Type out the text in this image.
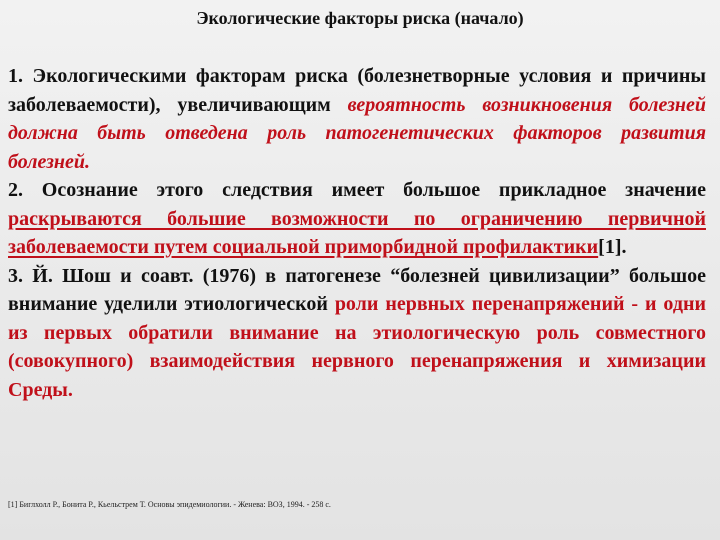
Экологические факторы риска (начало)

1. Экологическими факторам риска (болезнетворные условия и причины заболеваемости), увеличивающим вероятность возникновения болезней должна быть отведена роль патогенетических факторов развития болезней.

2. Осознание этого следствия имеет большое прикладное значение раскрываются большие возможности по ограничению первичной заболеваемости путем социальной приморбидной профилактики[1].

3. Й. Шош и соавт. (1976) в патогенезе “болезней цивилизации” большое внимание уделили этиологической роли нервных перенапряжений - и одни из первых обратили внимание на этиологическую роль совместного (совокупного) взаимодействия нервного перенапряжения и химизации Среды.

[1] Биглхолл Р., Бонита Р., Кьельстрем Т. Основы эпидемиологии. - Женева: ВОЗ, 1994. - 258 с.
